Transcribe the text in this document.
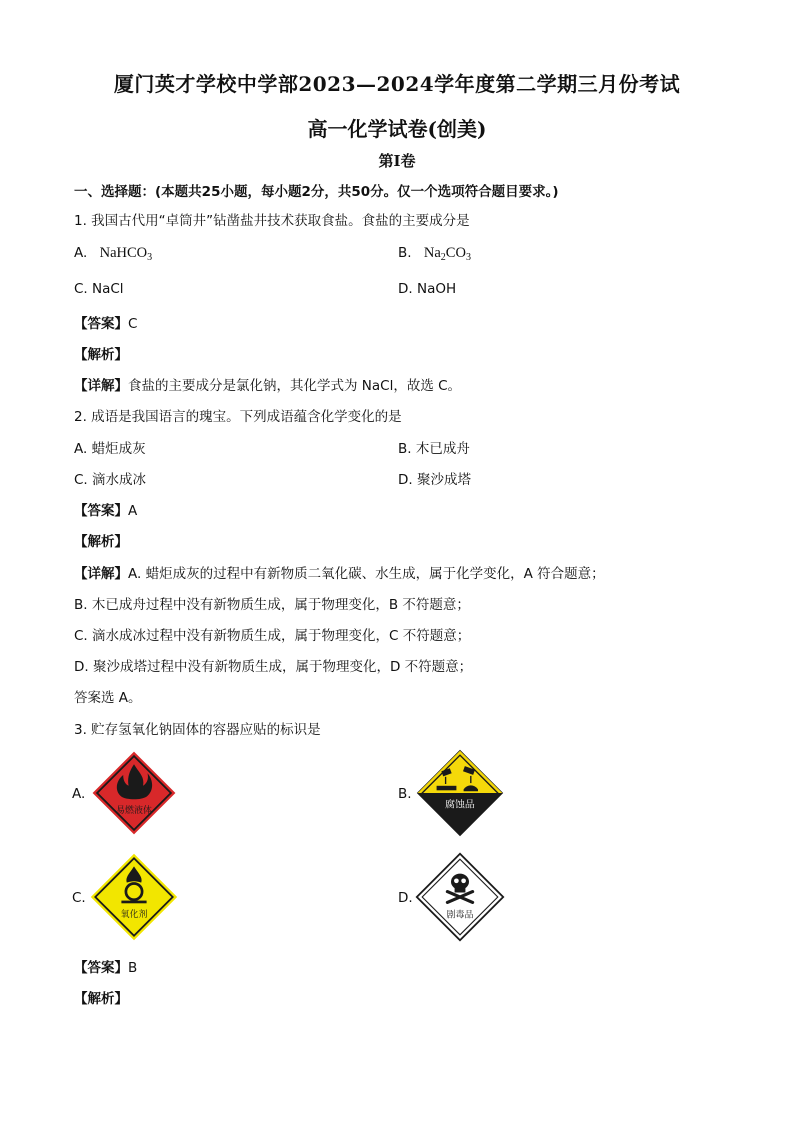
厦门英才学校中学部2023—2024学年度第二学期三月份考试
高一化学试卷(创美)
第Ⅰ卷
一、选择题：(本题共25小题，每小题2分，共50分。仅一个选项符合题目要求。)
1. 我国古代用“卓筒井”钻凿盐井技术获取食盐。食盐的主要成分是
A. NaHCO$_3$	B. $Na_2CO_3$
C. NaCl	D. NaOH
【答案】C
【解析】
【详解】食盐的主要成分是氯化钠，其化学式为 NaCl，故选 C。
2. 成语是我国语言的瑰宝。下列成语蕴含化学变化的是
A. 蜡炬成灰	B. 木已成舟
C. 滴水成冰	D. 聚沙成塔
【答案】A
【解析】
【详解】A. 蜡炬成灰的过程中有新物质二氧化碳、水生成，属于化学变化，A 符合题意；
B. 木已成舟过程中没有新物质生成，属于物理变化，B 不符题意；
C. 滴水成冰过程中没有新物质生成，属于物理变化，C 不符题意；
D. 聚沙成塔过程中没有新物质生成，属于物理变化，D 不符题意；
答案选 A。
3. 贮存氢氧化钠固体的容器应贴的标识是
A.
易燃液体
B.
腐蚀品
C.
氧化剂
D.
剧毒品
【答案】B
【解析】
